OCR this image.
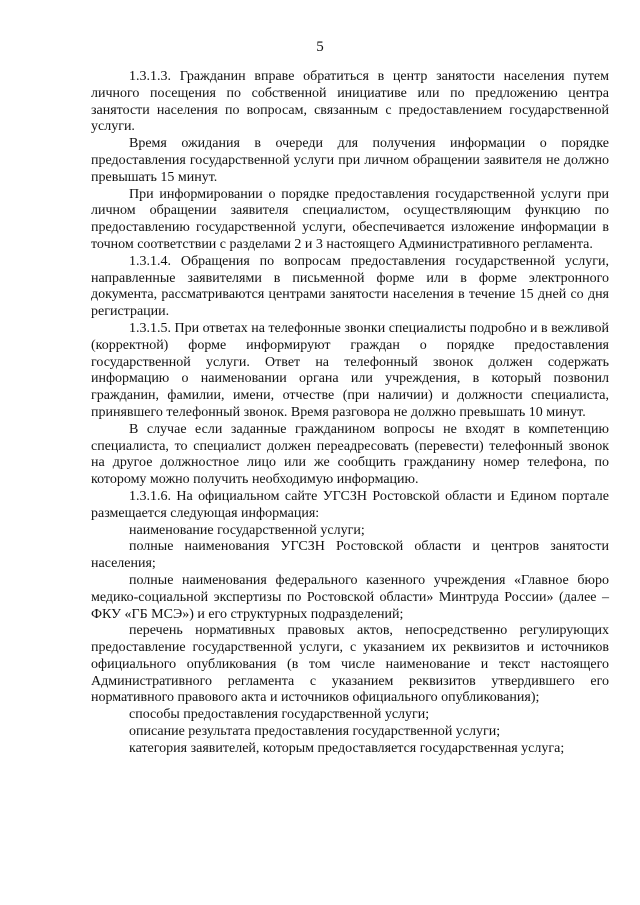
5

1.3.1.3. Гражданин вправе обратиться в центр занятости населения путем личного посещения по собственной инициативе или по предложению центра занятости населения по вопросам, связанным с предоставлением государственной услуги.

Время ожидания в очереди для получения информации о порядке предоставления государственной услуги при личном обращении заявителя не должно превышать 15 минут.

При информировании о порядке предоставления государственной услуги при личном обращении заявителя специалистом, осуществляющим функцию по предоставлению государственной услуги, обеспечивается изложение информации в точном соответствии с разделами 2 и 3 настоящего Административного регламента.

1.3.1.4. Обращения по вопросам предоставления государственной услуги, направленные заявителями в письменной форме или в форме электронного документа, рассматриваются центрами занятости населения в течение 15 дней со дня регистрации.

1.3.1.5. При ответах на телефонные звонки специалисты подробно и в вежливой (корректной) форме информируют граждан о порядке предоставления государственной услуги. Ответ на телефонный звонок должен содержать информацию о наименовании органа или учреждения, в который позвонил гражданин, фамилии, имени, отчестве (при наличии) и должности специалиста, принявшего телефонный звонок. Время разговора не должно превышать 10 минут.

В случае если заданные гражданином вопросы не входят в компетенцию специалиста, то специалист должен переадресовать (перевести) телефонный звонок на другое должностное лицо или же сообщить гражданину номер телефона, по которому можно получить необходимую информацию.

1.3.1.6. На официальном сайте УГСЗН Ростовской области и Едином портале размещается следующая информация:

наименование государственной услуги;

полные наименования УГСЗН Ростовской области и центров занятости населения;

полные наименования федерального казенного учреждения «Главное бюро медико-социальной экспертизы по Ростовской области» Минтруда России» (далее – ФКУ «ГБ МСЭ») и его структурных подразделений;

перечень нормативных правовых актов, непосредственно регулирующих предоставление государственной услуги, с указанием их реквизитов и источников официального опубликования (в том числе наименование и текст настоящего Административного регламента с указанием реквизитов утвердившего его нормативного правового акта и источников официального опубликования);

способы предоставления государственной услуги;

описание результата предоставления государственной услуги;

категория заявителей, которым предоставляется государственная услуга;
